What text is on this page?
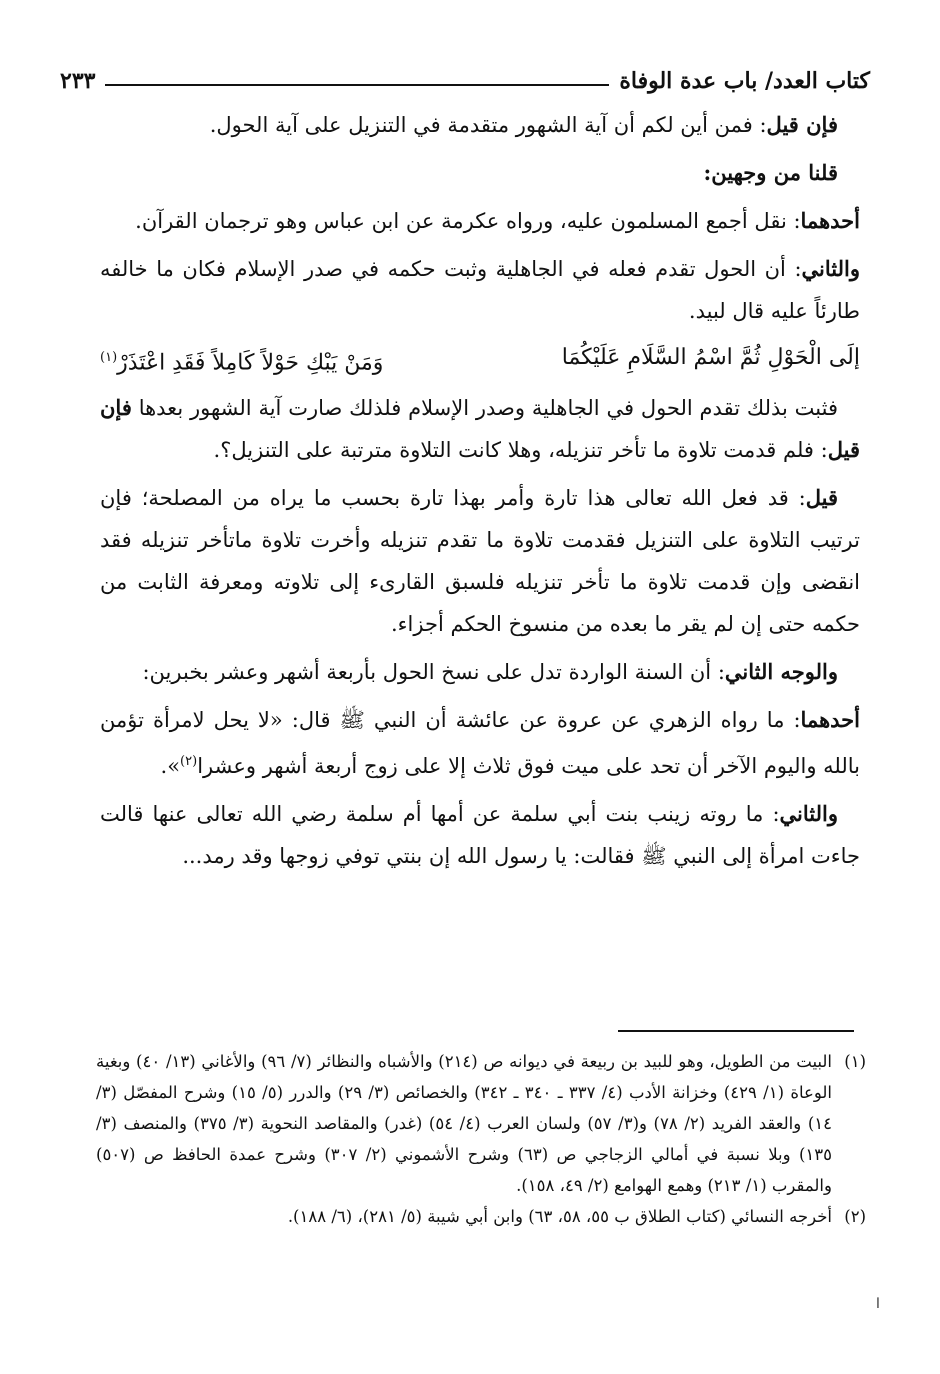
كتاب العدد/ باب عدة الوفاة
٢٣٣

فإن قيل: فمن أين لكم أن آية الشهور متقدمة في التنزيل على آية الحول.

قلنا من وجهين:

أحدهما: نقل أجمع المسلمون عليه، ورواه عكرمة عن ابن عباس وهو ترجمان القرآن.

والثاني: أن الحول تقدم فعله في الجاهلية وثبت حكمه في صدر الإسلام فكان ما خالفه طارئاً عليه قال لبيد.

إلَى الْحَوْلِ ثُمَّ اسْمُ السَّلَامِ عَلَيْكُمَا
وَمَنْ يَبْكِ حَوْلاً كَامِلاً فَقَدِ اعْتَذَرْ$^{(١)}$

فثبت بذلك تقدم الحول في الجاهلية وصدر الإسلام فلذلك صارت آية الشهور بعدها فإن قيل: فلم قدمت تلاوة ما تأخر تنزيله، وهلا كانت التلاوة مترتبة على التنزيل؟.

قيل: قد فعل الله تعالى هذا تارة وأمر بهذا تارة بحسب ما يراه من المصلحة؛ فإن ترتيب التلاوة على التنزيل فقدمت تلاوة ما تقدم تنزيله وأخرت تلاوة ماتأخر تنزيله فقد انقضى وإن قدمت تلاوة ما تأخر تنزيله فلسبق القارىء إلى تلاوته ومعرفة الثابت من حكمه حتى إن لم يقر ما بعده من منسوخ الحكم أجزاء.

والوجه الثاني: أن السنة الواردة تدل على نسخ الحول بأربعة أشهر وعشر بخبرين:

أحدهما: ما رواه الزهري عن عروة عن عائشة أن النبي ﷺ قال: «لا يحل لامرأة تؤمن بالله واليوم الآخر أن تحد على ميت فوق ثلاث إلا على زوج أربعة أشهر وعشرا$^{(٢)}$».

والثاني: ما روته زينب بنت أبي سلمة عن أمها أم سلمة رضي الله تعالى عنها قالت جاءت امرأة إلى النبي ﷺ فقالت: يا رسول الله إن بنتي توفي زوجها وقد رمد...

(١)
البيت من الطويل، وهو للبيد بن ربيعة في ديوانه ص (٢١٤) والأشباه والنظائر (٧/ ٩٦) والأغاني (١٣/ ٤٠) وبغية الوعاة (١/ ٤٢٩) وخزانة الأدب (٤/ ٣٣٧ ـ ٣٤٠ ـ ٣٤٢) والخصائص (٣/ ٢٩) والدرر (٥/ ١٥) وشرح المفصّل (٣/ ١٤) والعقد الفريد (٢/ ٧٨) و(٣/ ٥٧) ولسان العرب (٤/ ٥٤) (غدر) والمقاصد النحوية (٣/ ٣٧٥) والمنصف (٣/ ١٣٥) وبلا نسبة في أمالي الزجاجي ص (٦٣) وشرح الأشموني (٢/ ٣٠٧) وشرح عمدة الحافظ ص (٥٠٧) والمقرب (١/ ٢١٣) وهمع الهوامع (٢/ ٤٩، ١٥٨).
(٢)
أخرجه النسائي (كتاب الطلاق ب ٥٥، ٥٨، ٦٣) وابن أبي شيبة (٥/ ٢٨١)، (٦/ ١٨٨).
ا
